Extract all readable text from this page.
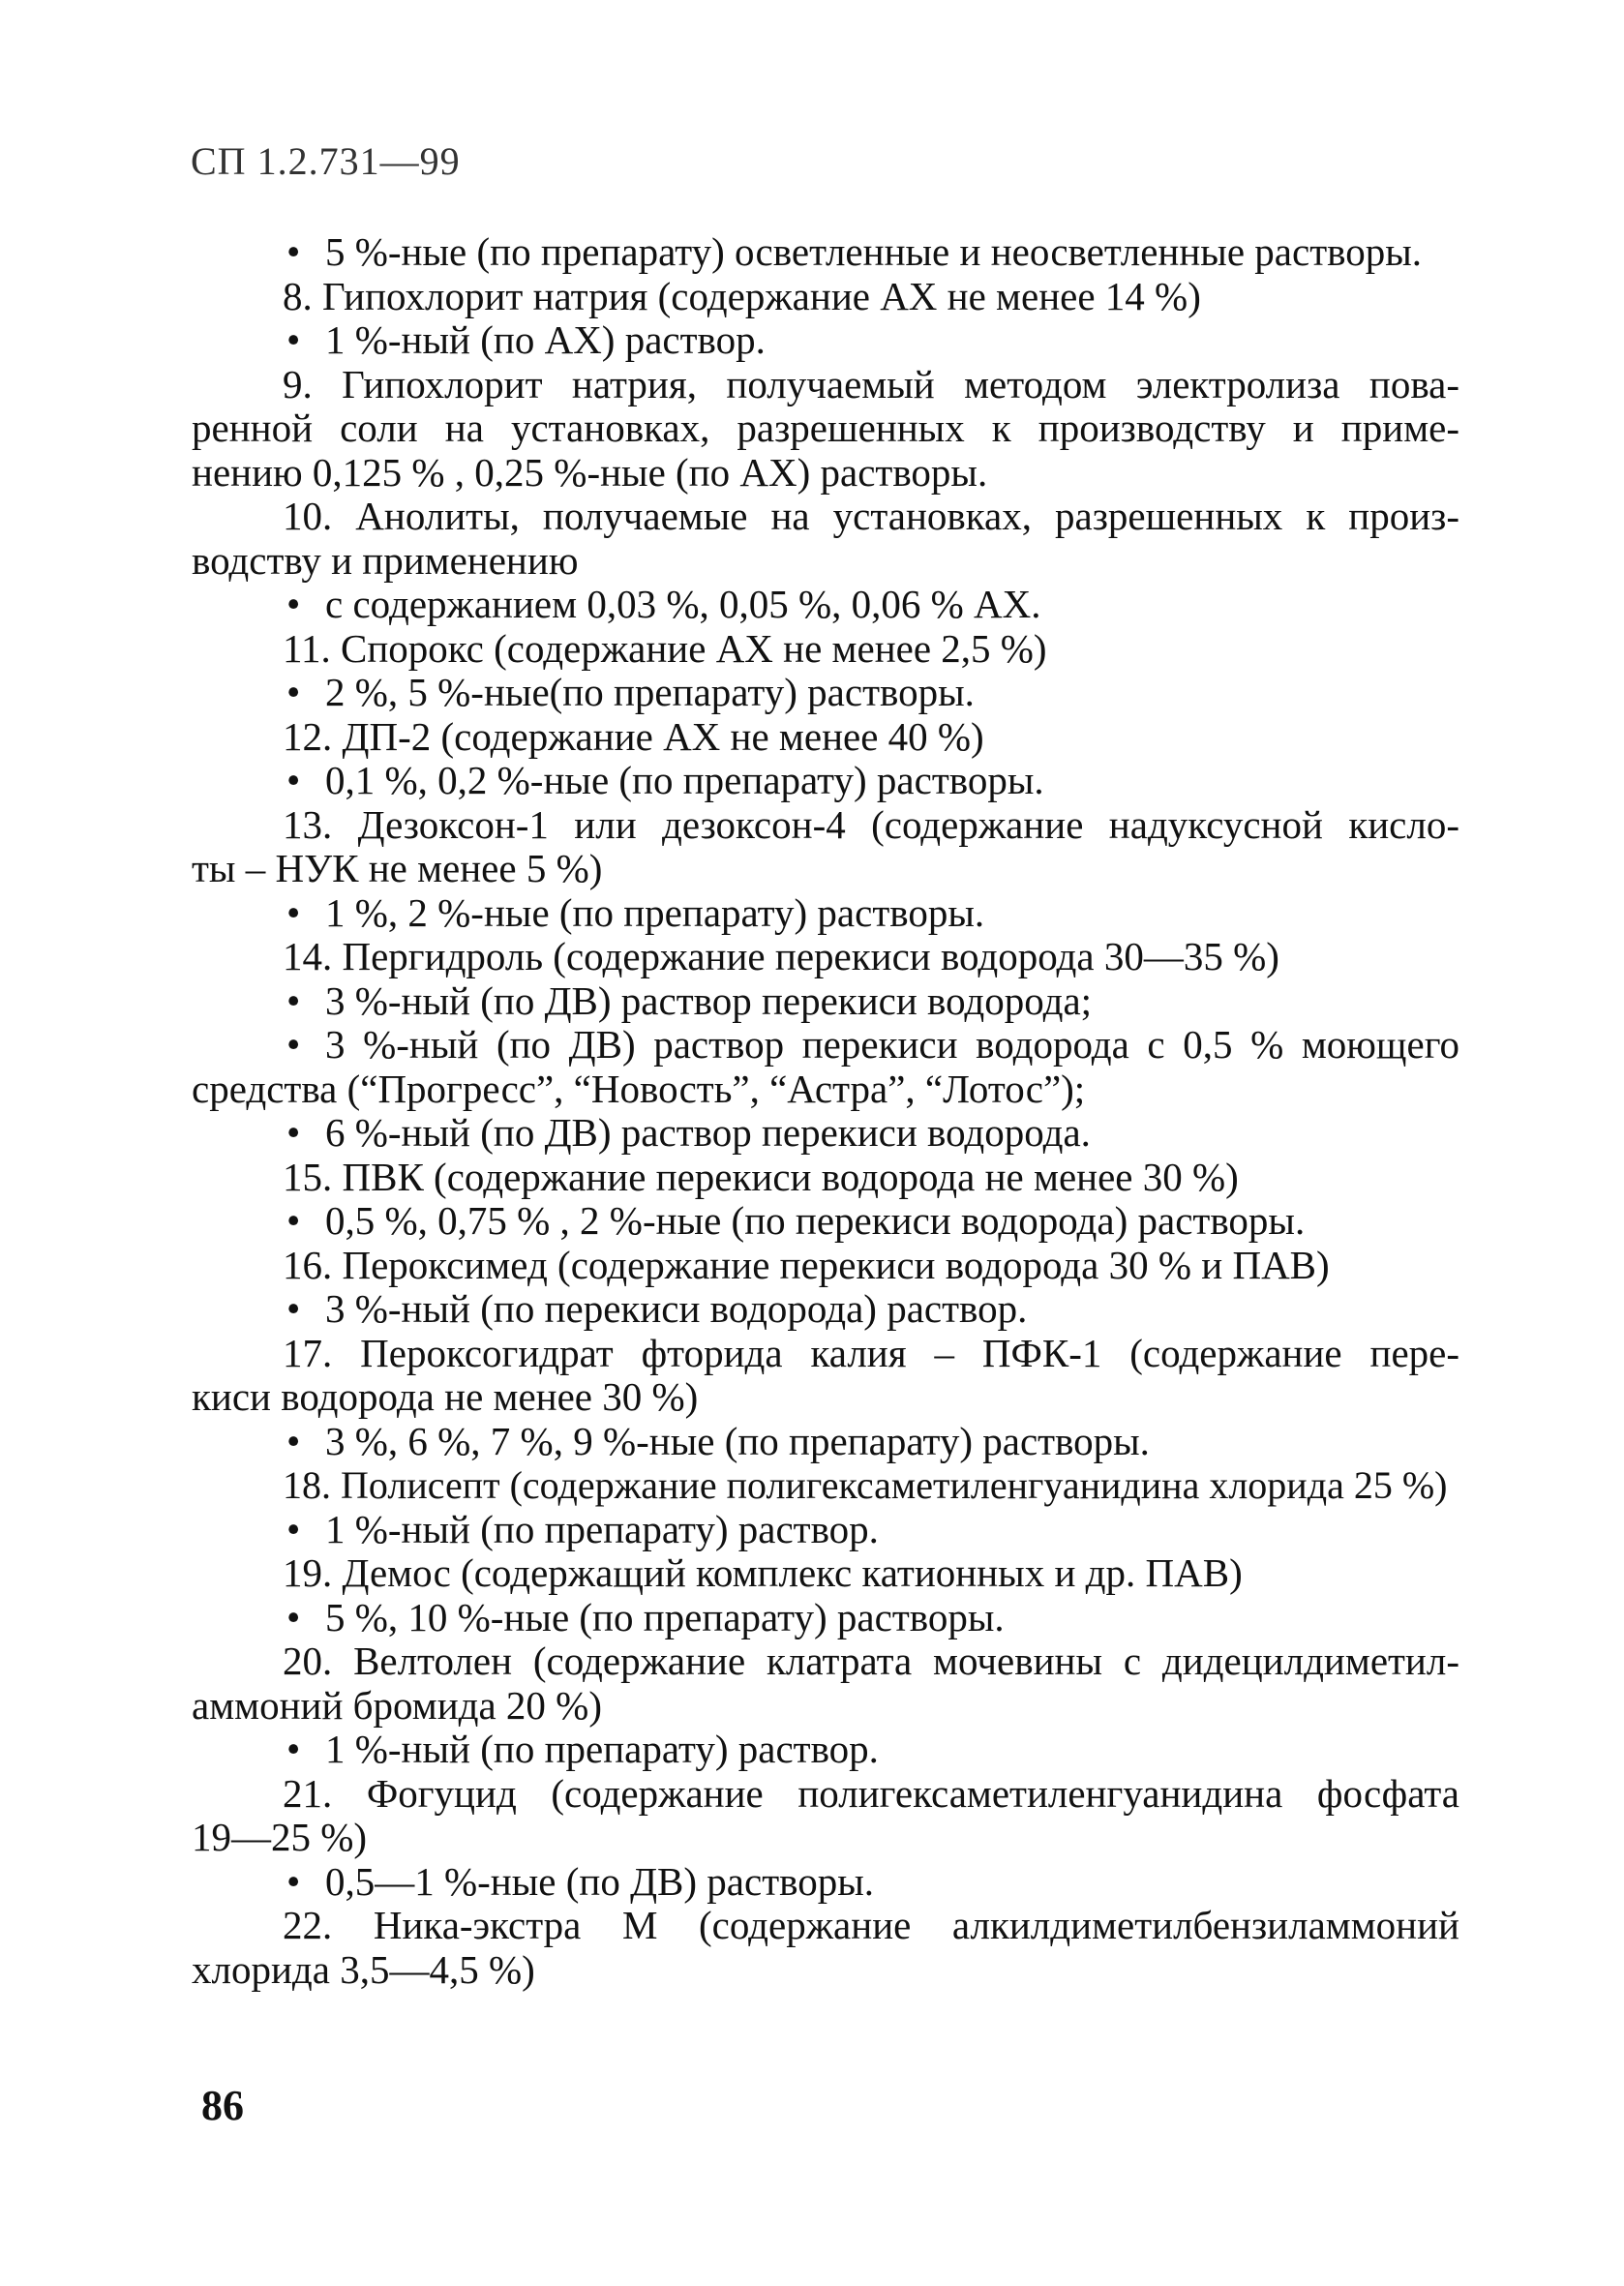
СП 1.2.731—99
• 5 %-ные (по препарату) осветленные и неосветленные растворы.
8. Гипохлорит натрия (содержание АХ не менее 14 %)
• 1 %-ный (по АХ) раствор.
9. Гипохлорит натрия, получаемый методом электролиза пова-
ренной соли на установках, разрешенных к производству и приме-
нению 0,125 % , 0,25 %-ные (по АХ) растворы.
10. Анолиты, получаемые на установках, разрешенных к произ-
водству и применению
• с содержанием 0,03 %, 0,05 %, 0,06 % АХ.
11. Спорокс (содержание АХ не менее 2,5 %)
• 2 %, 5 %-ные(по препарату) растворы.
12. ДП-2 (содержание АХ не менее 40 %)
• 0,1 %, 0,2 %-ные (по препарату) растворы.
13. Дезоксон-1 или дезоксон-4 (содержание надуксусной кисло-
ты – НУК не менее 5 %)
• 1 %, 2 %-ные (по препарату) растворы.
14. Пергидроль (содержание перекиси водорода 30—35 %)
• 3 %-ный (по ДВ) раствор перекиси водорода;
• 3 %-ный (по ДВ) раствор перекиси водорода с 0,5 % моющего
средства (“Прогресс”, “Новость”, “Астра”, “Лотос”);
• 6 %-ный (по ДВ) раствор перекиси водорода.
15. ПВК (содержание перекиси водорода не менее 30 %)
• 0,5 %, 0,75 % , 2 %-ные (по перекиси водорода) растворы.
16. Пероксимед (содержание перекиси водорода 30 % и ПАВ)
• 3 %-ный (по перекиси водорода) раствор.
17. Пероксогидрат фторида калия – ПФК-1 (содержание пере-
киси водорода не менее 30 %)
• 3 %, 6 %, 7 %, 9 %-ные (по препарату) растворы.
18. Полисепт (содержание полигексаметиленгуанидина хлорида 25 %)
• 1 %-ный (по препарату) раствор.
19. Демос (содержащий комплекс катионных и др. ПАВ)
• 5 %, 10 %-ные (по препарату) растворы.
20. Велтолен (содержание клатрата мочевины с дидецилдиметил-
аммоний бромида 20 %)
• 1 %-ный (по препарату) раствор.
21. Фогуцид (содержание полигексаметиленгуанидина фосфата
19—25 %)
• 0,5—1 %-ные (по ДВ) растворы.
22. Ника-экстра М (содержание алкилдиметилбензиламмоний
хлорида 3,5—4,5 %)
86
